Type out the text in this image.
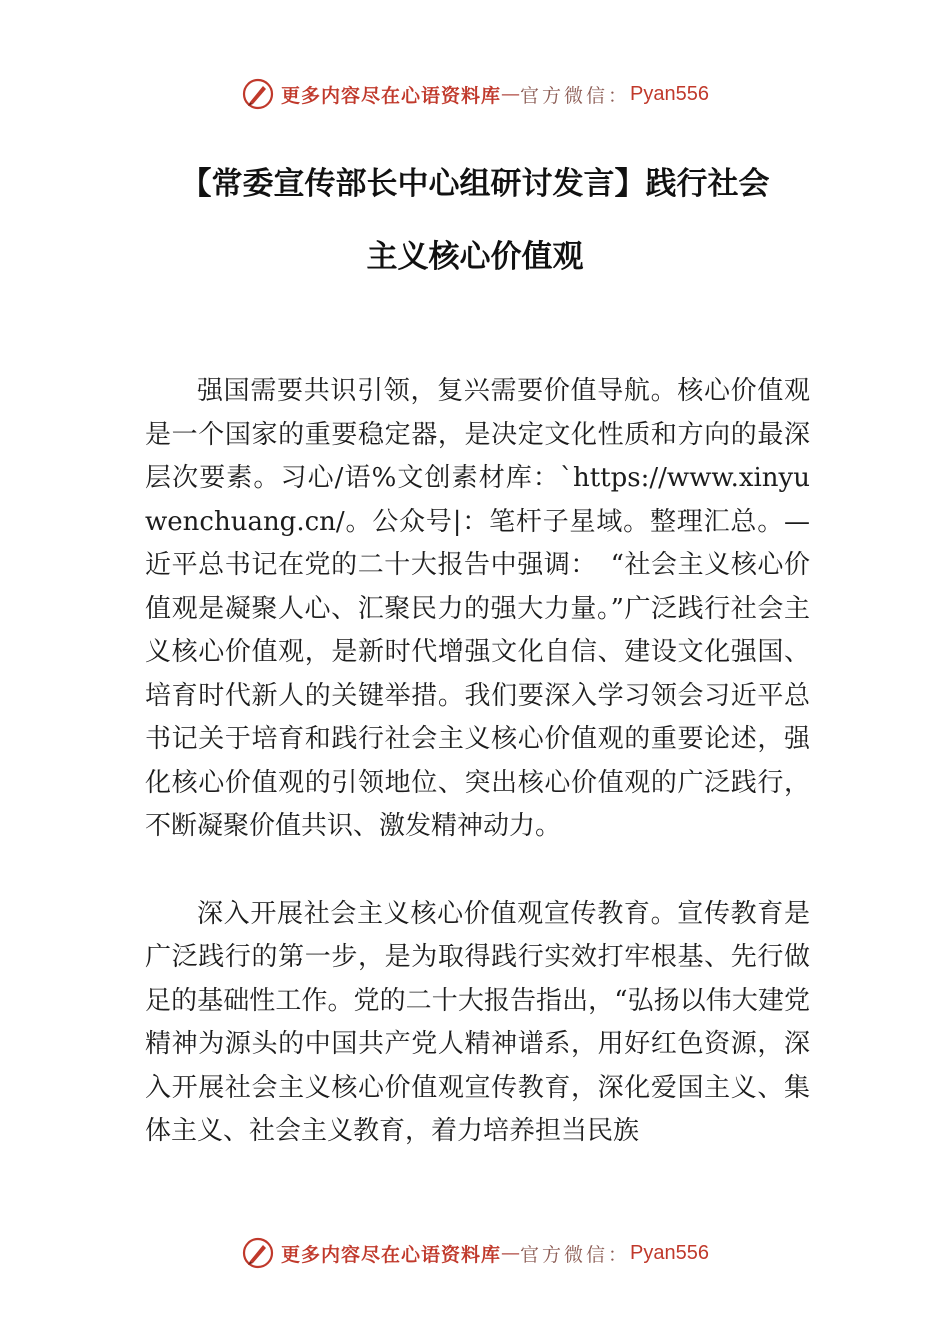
更多内容尽在心语资料库 — 官方微信： Pyan556
【常委宣传部长中心组研讨发言】践行社会
主义核心价值观

强国需要共识引领，复兴需要价值导航。核心价值观是一个国家的重要稳定器，是决定文化性质和方向的最深层次要素。习心/语%文创素材库：`https://www.xinyuwenchuang.cn/。公众号|：笔杆子星域。整理汇总。—近平总书记在党的二十大报告中强调：　“社会主义核心价值观是凝聚人心、汇聚民力的强大力量。”广泛践行社会主义核心价值观，是新时代增强文化自信、建设文化强国、培育时代新人的关键举措。我们要深入学习领会习近平总书记关于培育和践行社会主义核心价值观的重要论述，强化核心价值观的引领地位、突出核心价值观的广泛践行，不断凝聚价值共识、激发精神动力。

深入开展社会主义核心价值观宣传教育。宣传教育是广泛践行的第一步，是为取得践行实效打牢根基、先行做足的基础性工作。党的二十大报告指出，“弘扬以伟大建党精神为源头的中国共产党人精神谱系，用好红色资源，深入开展社会主义核心价值观宣传教育，深化爱国主义、集体主义、社会主义教育，着力培养担当民族

更多内容尽在心语资料库 — 官方微信： Pyan556
